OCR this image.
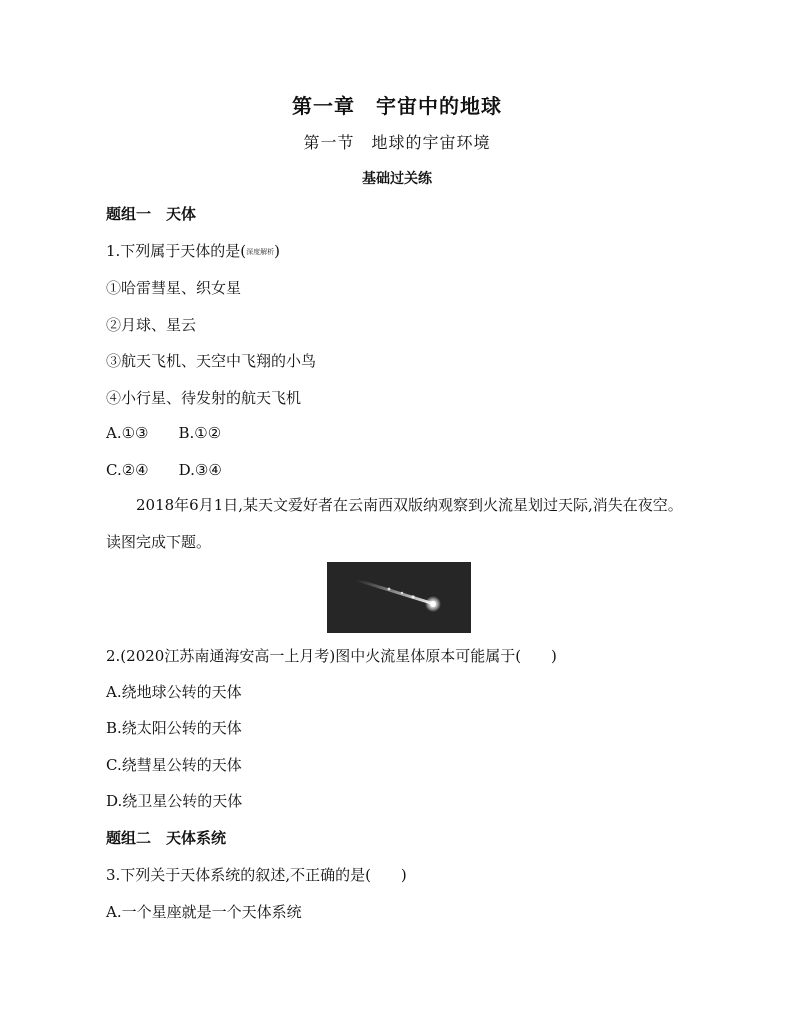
第一章　宇宙中的地球
第一节　地球的宇宙环境
基础过关练
题组一　天体
1.下列属于天体的是(深度解析)
①哈雷彗星、织女星
②月球、星云
③航天飞机、天空中飞翔的小鸟
④小行星、待发射的航天飞机
A.①③ B.①②
C.②④ D.③④
2018年6月1日,某天文爱好者在云南西双版纳观察到火流星划过天际,消失在夜空。读图完成下题。
2.(2020江苏南通海安高一上月考)图中火流星体原本可能属于(　　)
A.绕地球公转的天体
B.绕太阳公转的天体
C.绕彗星公转的天体
D.绕卫星公转的天体
题组二　天体系统
3.下列关于天体系统的叙述,不正确的是(　　)
A.一个星座就是一个天体系统
